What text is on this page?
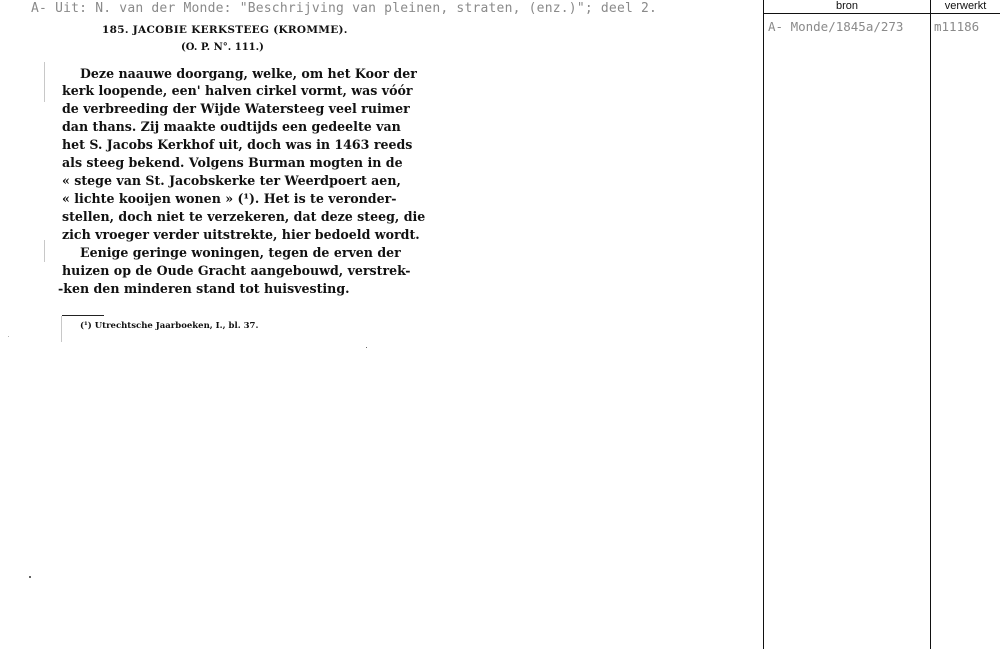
A- Uit: N. van der Monde: "Beschrijving van pleinen, straten, (enz.)"; deel 2.
185. JACOBIE KERKSTEEG (KROMME).
(O. P. N°. 111.)
Deze naauwe doorgang, welke, om het Koor der
kerk loopende, een' halven cirkel vormt, was vóór
de verbreeding der Wijde Watersteeg veel ruimer
dan thans. Zij maakte oudtijds een gedeelte van
het S. Jacobs Kerkhof uit, doch was in 1463 reeds
als steeg bekend. Volgens Burman mogten in de
« stege van St. Jacobskerke ter Weerdpoert aen,
« lichte kooijen wonen » (¹). Het is te veronder-
stellen, doch niet te verzekeren, dat deze steeg, die
zich vroeger verder uitstrekte, hier bedoeld wordt.
Eenige geringe woningen, tegen de erven der
huizen op de Oude Gracht aangebouwd, verstrek-
-ken den minderen stand tot huisvesting.
(¹) Utrechtsche Jaarboeken, I., bl. 37.
bron	verwerkt
A- Monde/1845a/273 m11186
